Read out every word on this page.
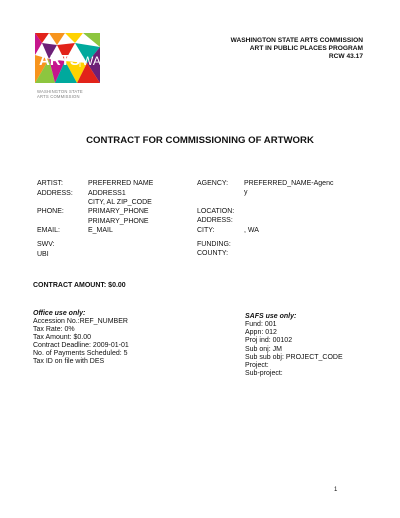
ARTS WA
WASHINGTON STATE
ARTS COMMISSION
WASHINGTON STATE ARTS COMMISSION
ART IN PUBLIC PLACES PROGRAM
RCW 43.17
CONTRACT FOR COMMISSIONING OF ARTWORK
ARTIST:	PREFERRED NAME
ADDRESS: ADDRESS1
CITY, AL ZIP_CODE
PHONE:	PRIMARY_PHONE
PRIMARY_PHONE
EMAIL:	E_MAIL
SWV:
UBI
AGENCY: PREFERRED_NAME-Agenc
y
LOCATION:
ADDRESS:
CITY:	, WA
FUNDING:
COUNTY:
CONTRACT AMOUNT: $0.00
Office use only:
Accession No.:REF_NUMBER
Tax Rate: 0%
Tax Amount: $0.00
Contract Deadline: 2009-01-01
No. of Payments Scheduled: 5
Tax ID on file with DES
SAFS use only:
Fund: 001
Appn: 012
Proj ind: 00102
Sub onj: JM
Sub sub obj: PROJECT_CODE
Project:
Sub-project:
1
